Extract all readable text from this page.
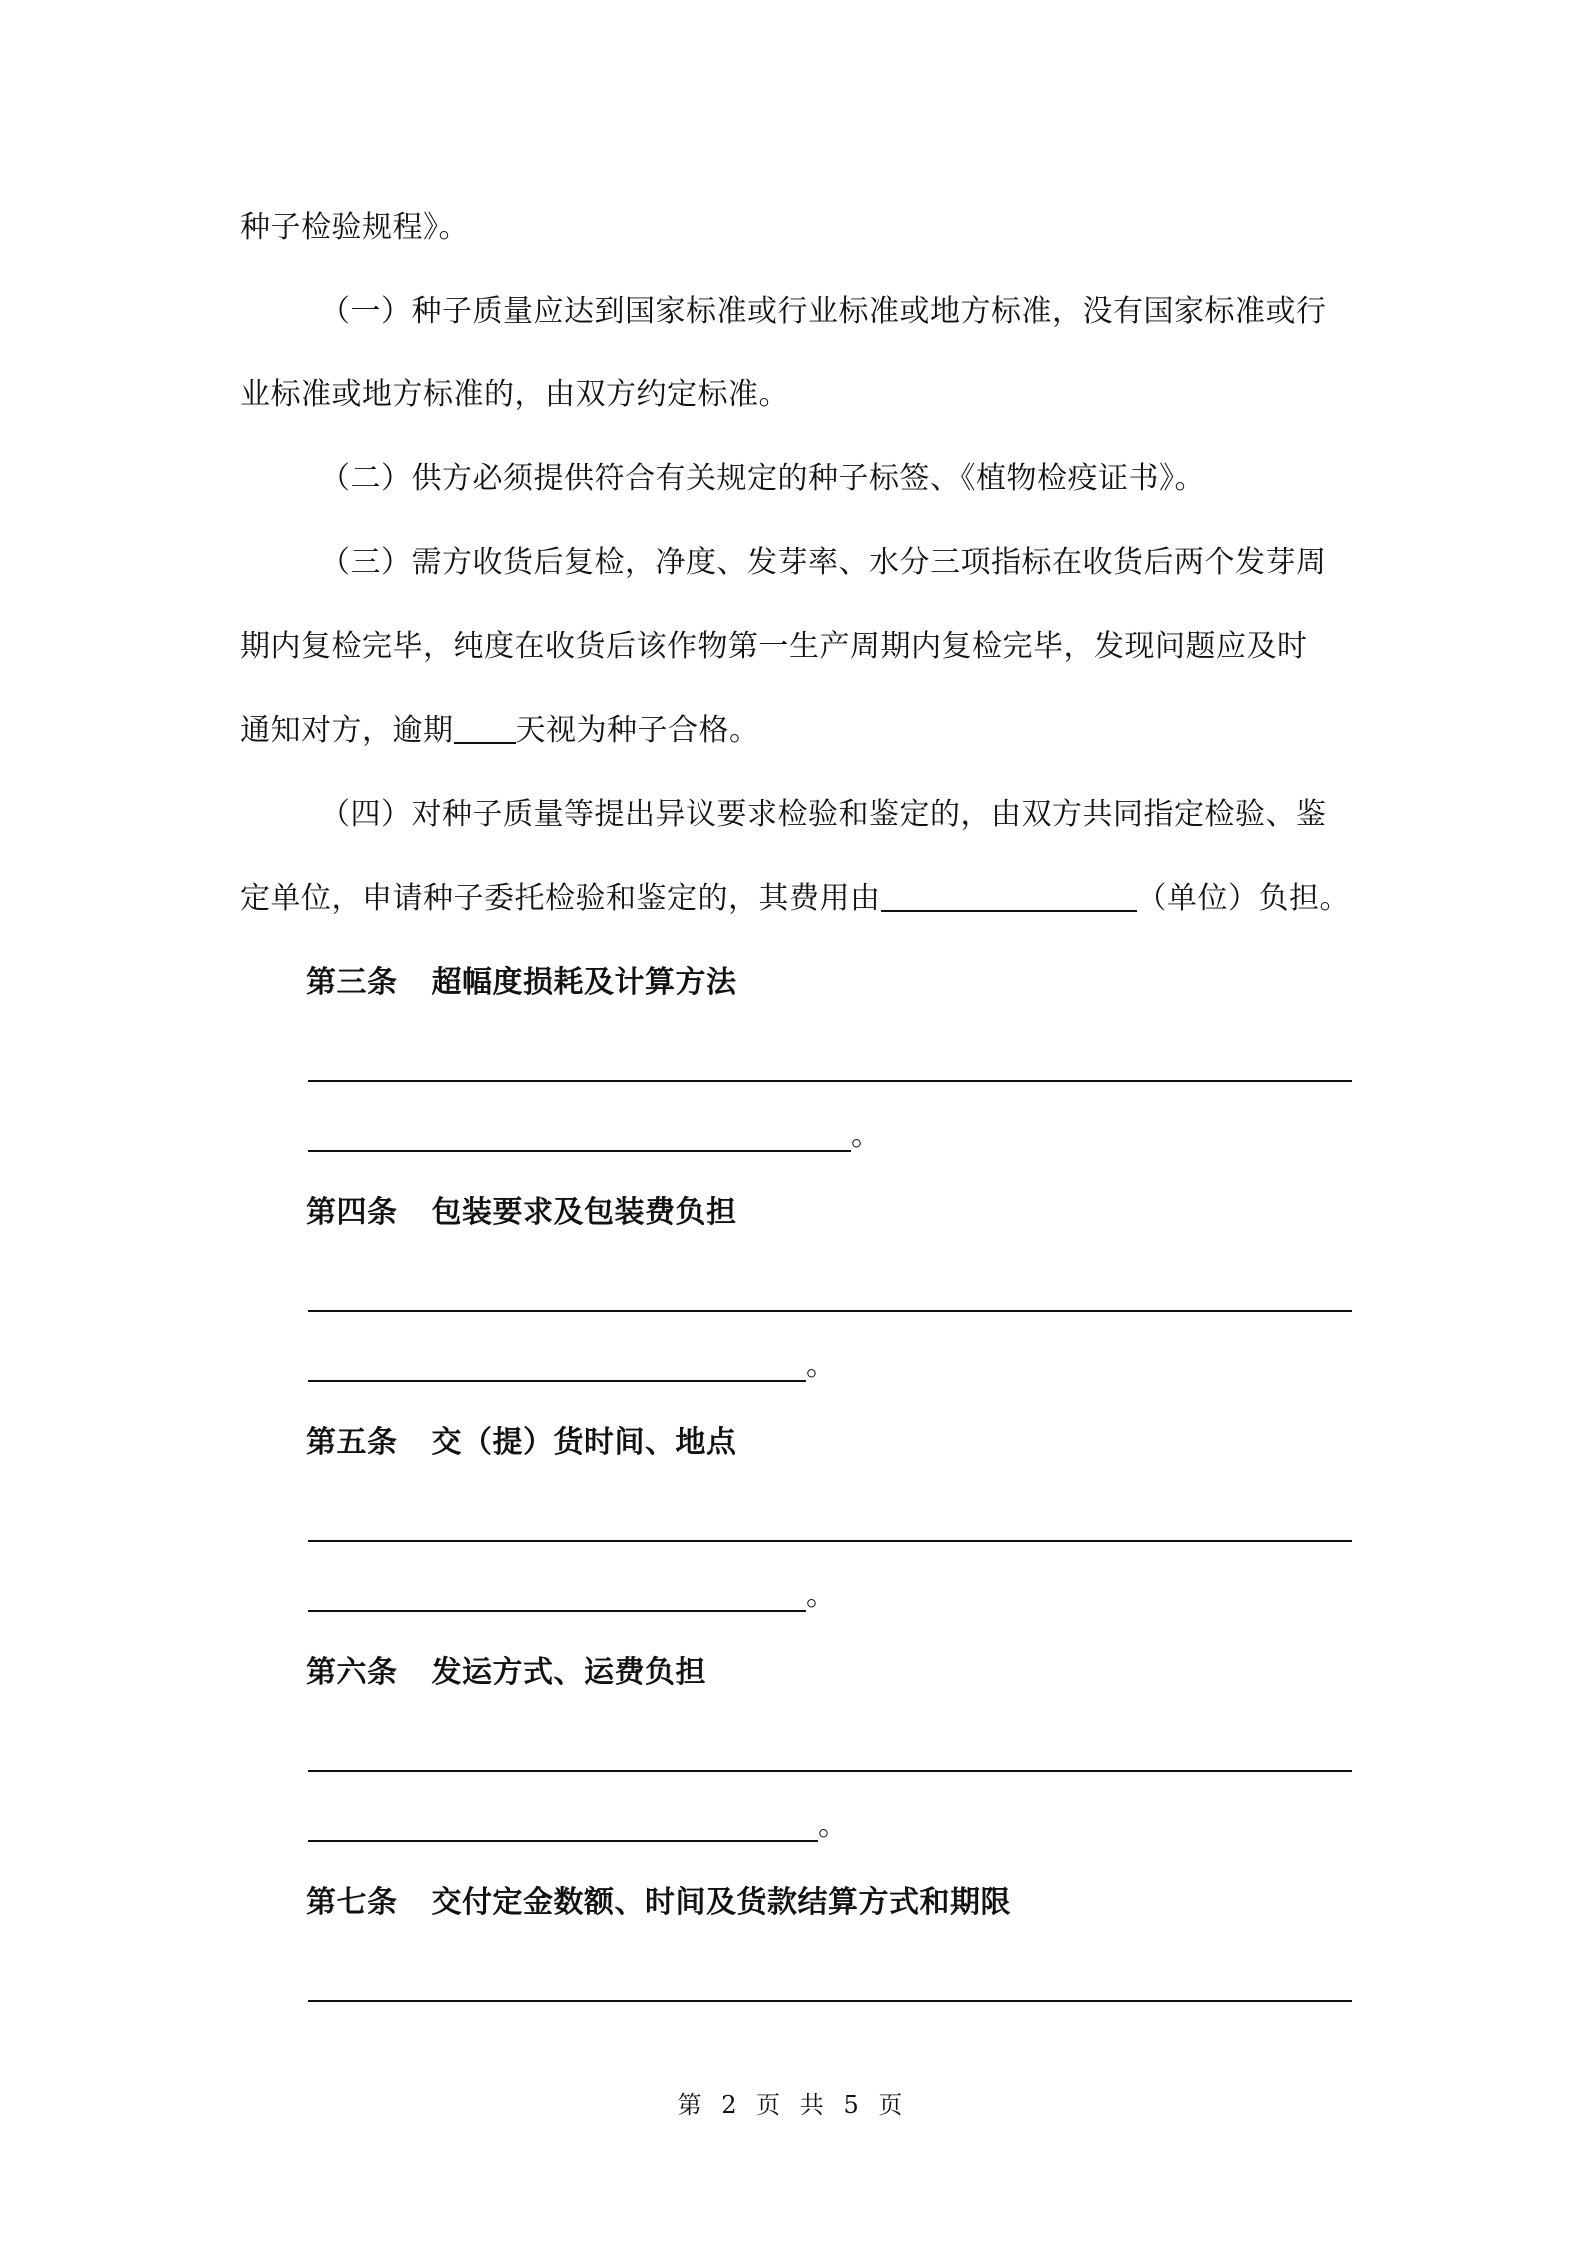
种子检验规程》。
（一）种子质量应达到国家标准或行业标准或地方标准，没有国家标准或行
业标准或地方标准的，由双方约定标准。
（二）供方必须提供符合有关规定的种子标签、《植物检疫证书》。
（三）需方收货后复检，净度、发芽率、水分三项指标在收货后两个发芽周
期内复检完毕，纯度在收货后该作物第一生产周期内复检完毕，发现问题应及时
通知对方，逾期 天视为种子合格。
（四）对种子质量等提出异议要求检验和鉴定的，由双方共同指定检验、鉴
定单位，申请种子委托检验和鉴定的，其费用由	（单位）负担。
第三条 超幅度损耗及计算方法
。
第四条 包装要求及包装费负担
。
第五条 交（提）货时间、地点
。
第六条 发运方式、运费负担
。
第七条 交付定金数额、时间及货款结算方式和期限
第 2 页 共 5 页
